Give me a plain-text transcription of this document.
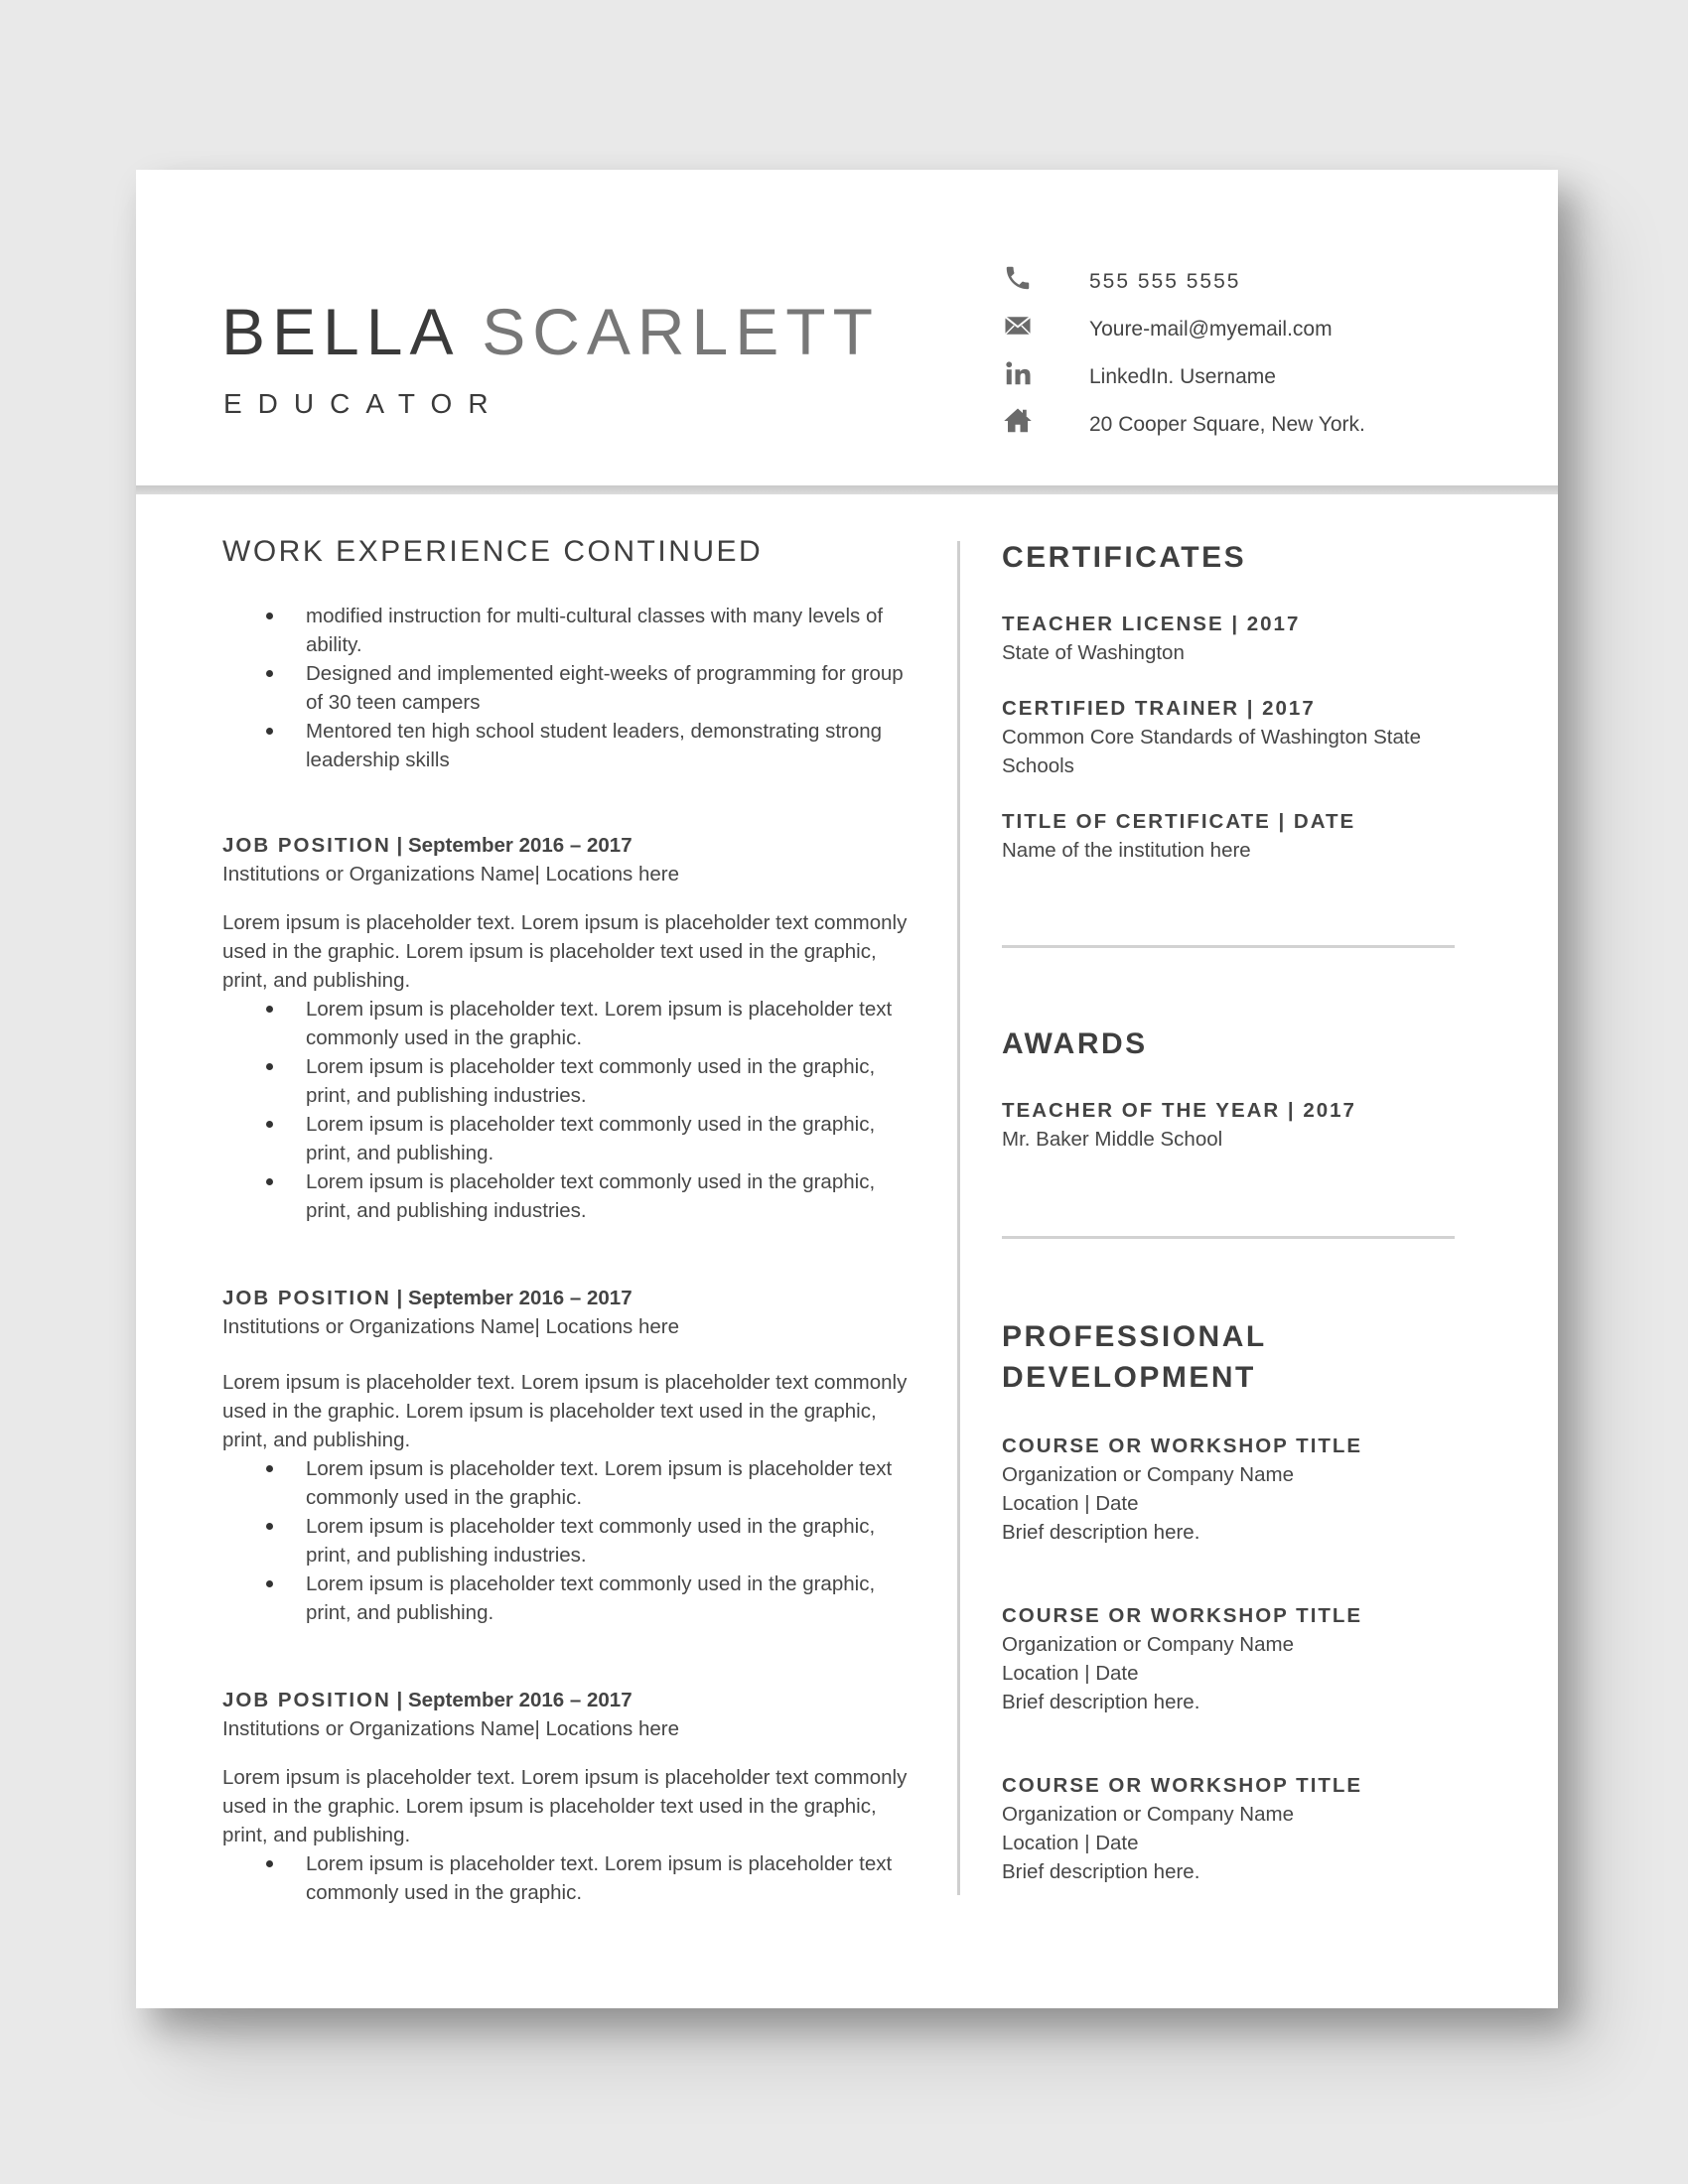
BELLA SCARLETT
EDUCATOR
555 555 5555
Youre-mail@myemail.com
LinkedIn. Username
20 Cooper Square, New York.
WORK EXPERIENCE CONTINUED
modified instruction for multi-cultural classes with many levels of ability.
Designed and implemented eight-weeks of programming for group of 30 teen campers
Mentored ten high school student leaders, demonstrating strong leadership skills

JOB POSITION | September 2016 – 2017

Institutions or Organizations Name| Locations here

Lorem ipsum is placeholder text. Lorem ipsum is placeholder text commonly used in the graphic. Lorem ipsum is placeholder text used in the graphic, print, and publishing.

Lorem ipsum is placeholder text. Lorem ipsum is placeholder text commonly used in the graphic.
Lorem ipsum is placeholder text commonly used in the graphic, print, and publishing industries.
Lorem ipsum is placeholder text commonly used in the graphic, print, and publishing.
Lorem ipsum is placeholder text commonly used in the graphic, print, and publishing industries.

JOB POSITION | September 2016 – 2017

Institutions or Organizations Name| Locations here

Lorem ipsum is placeholder text. Lorem ipsum is placeholder text commonly used in the graphic. Lorem ipsum is placeholder text used in the graphic, print, and publishing.

Lorem ipsum is placeholder text. Lorem ipsum is placeholder text commonly used in the graphic.
Lorem ipsum is placeholder text commonly used in the graphic, print, and publishing industries.
Lorem ipsum is placeholder text commonly used in the graphic, print, and publishing.

JOB POSITION | September 2016 – 2017

Institutions or Organizations Name| Locations here

Lorem ipsum is placeholder text. Lorem ipsum is placeholder text commonly used in the graphic. Lorem ipsum is placeholder text used in the graphic, print, and publishing.

Lorem ipsum is placeholder text. Lorem ipsum is placeholder text commonly used in the graphic.
CERTIFICATES

TEACHER LICENSE | 2017

State of Washington

CERTIFIED TRAINER | 2017

Common Core Standards of Washington State Schools

TITLE OF CERTIFICATE | DATE

Name of the institution here

AWARDS

TEACHER OF THE YEAR | 2017

Mr. Baker Middle School

PROFESSIONAL
DEVELOPMENT

COURSE OR WORKSHOP TITLE

Organization or Company Name

Location | Date

Brief description here.

COURSE OR WORKSHOP TITLE

Organization or Company Name

Location | Date

Brief description here.

COURSE OR WORKSHOP TITLE

Organization or Company Name

Location | Date

Brief description here.
